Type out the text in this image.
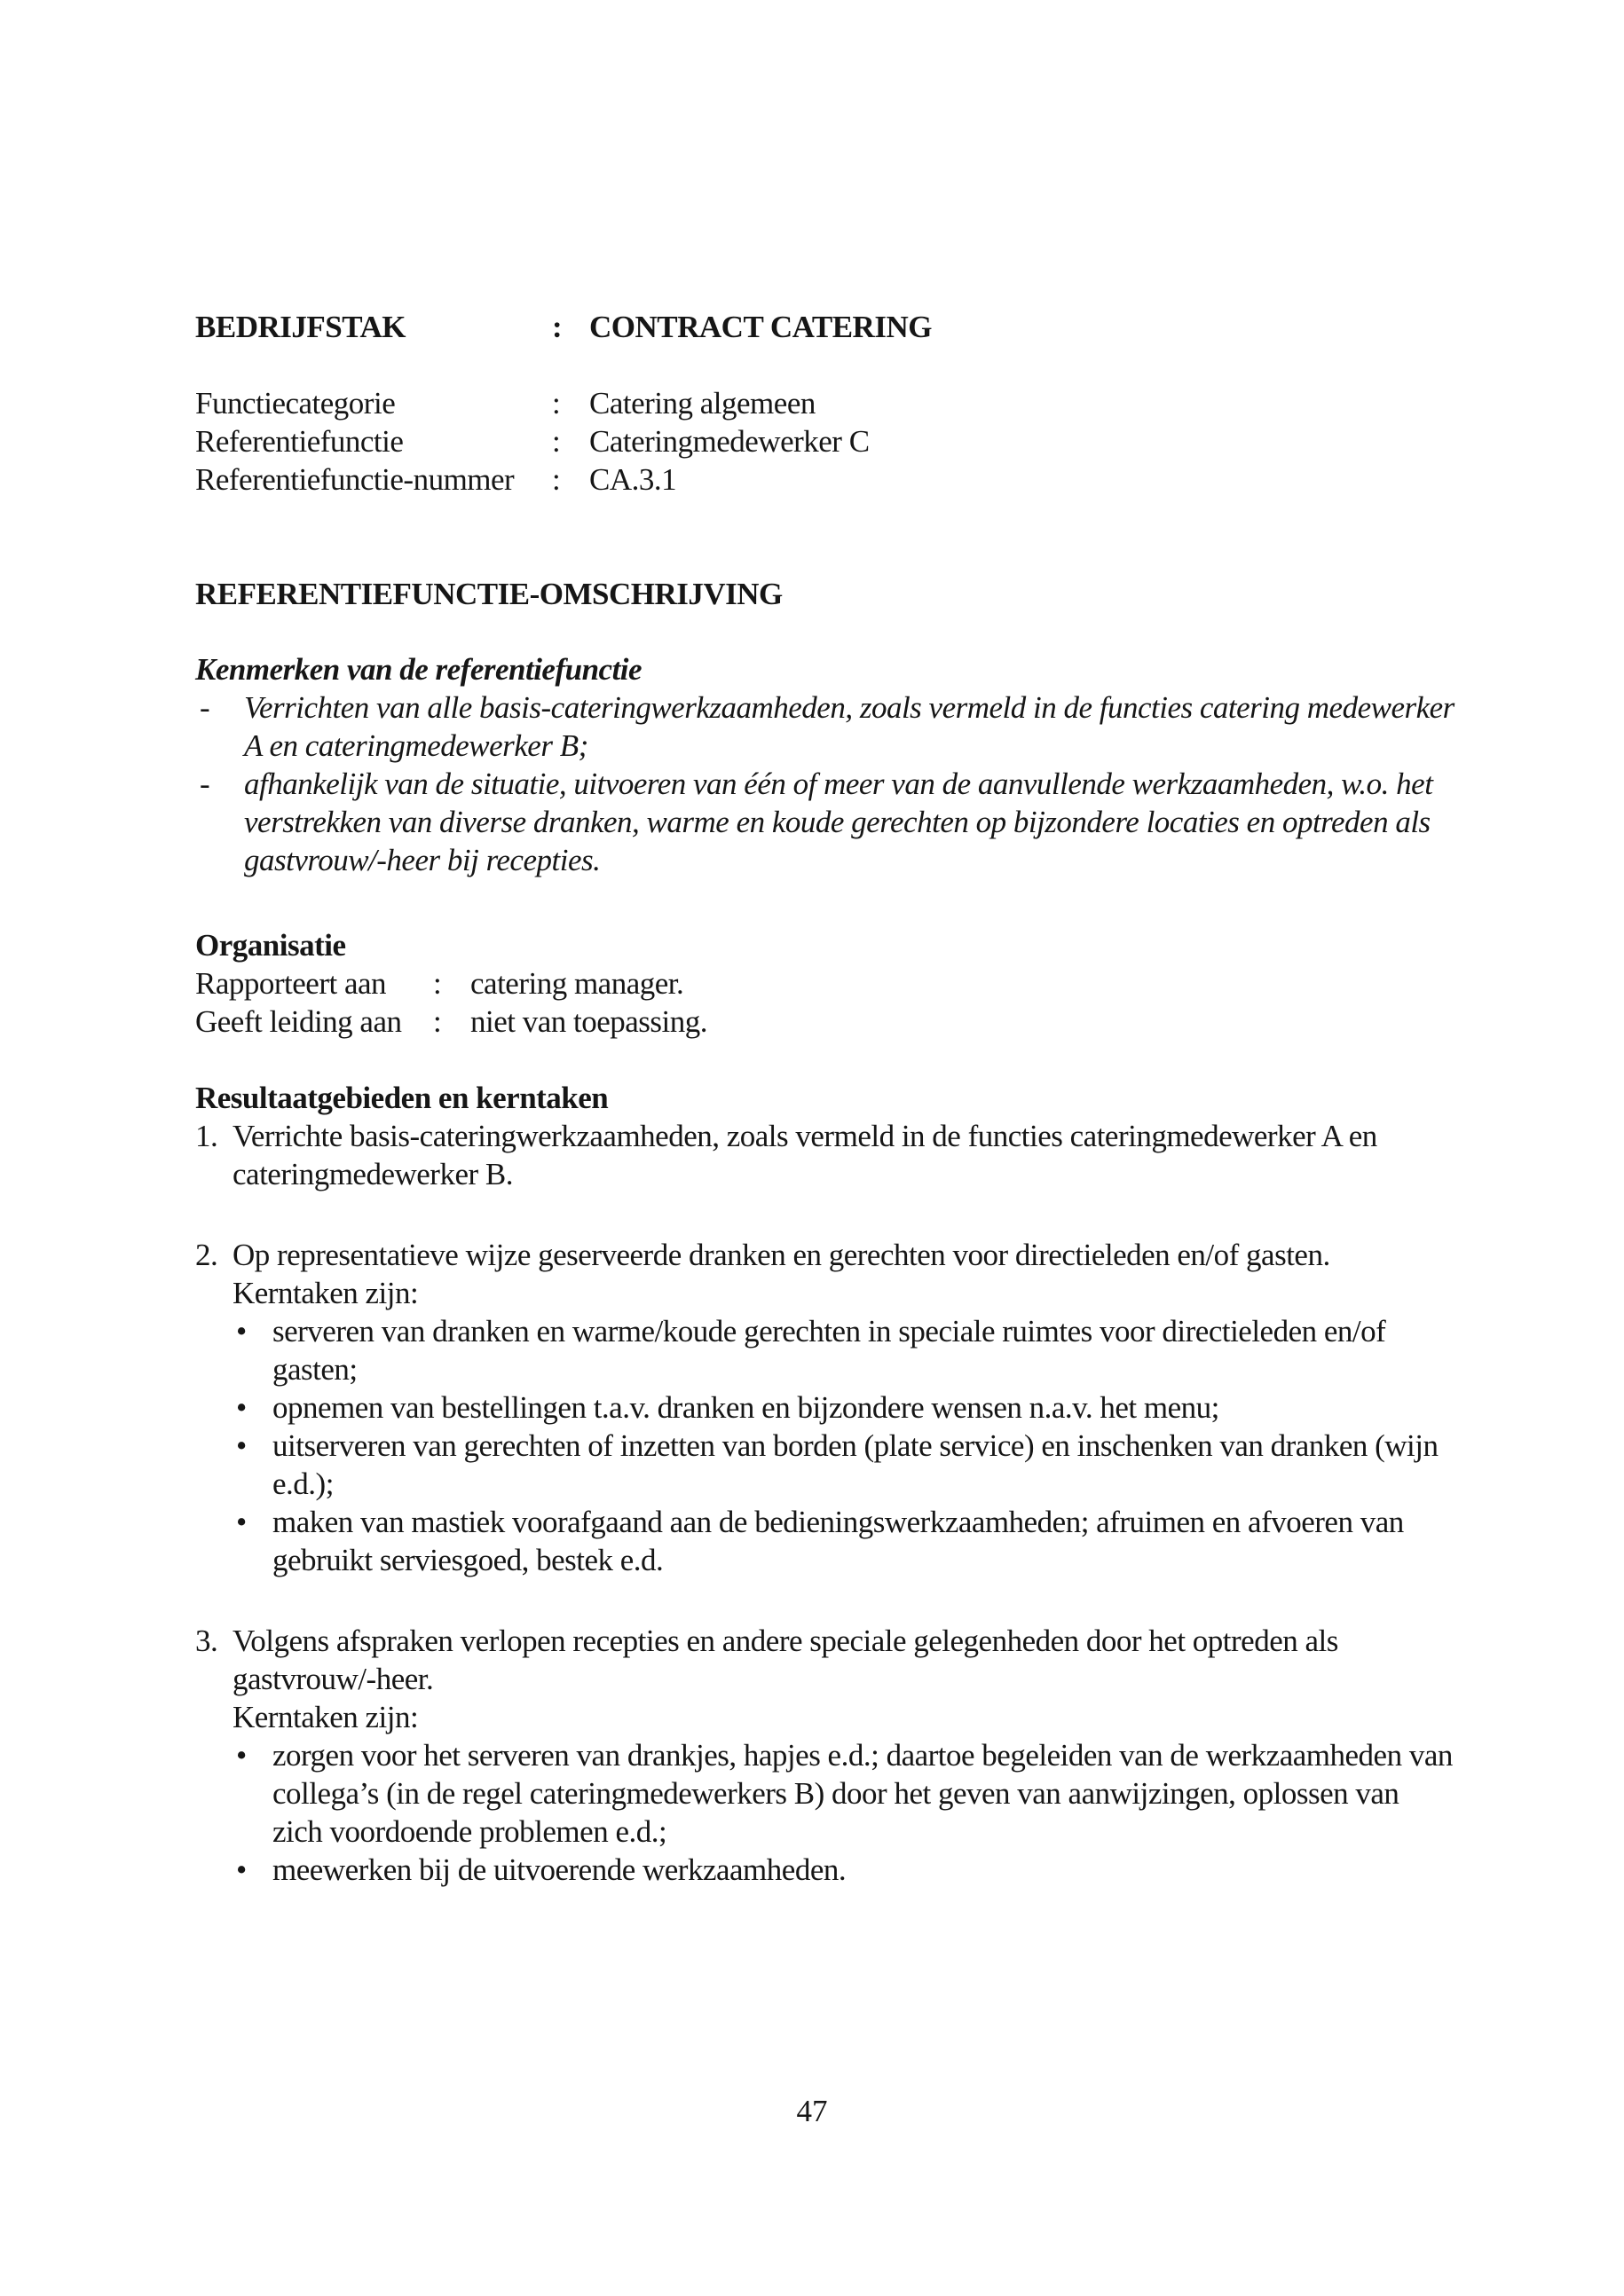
BEDRIJFSTAK	: CONTRACT CATERING
Functiecategorie	: Catering algemeen
Referentiefunctie	: Cateringmedewerker C
Referentiefunctie-nummer	: CA.3.1
REFERENTIEFUNCTIE-OMSCHRIJVING
Kenmerken van de referentiefunctie
- Verrichten van alle basis-cateringwerkzaamheden, zoals vermeld in de functies catering medewerker A en cateringmedewerker B;
- afhankelijk van de situatie, uitvoeren van één of meer van de aanvullende werkzaamheden, w.o. het verstrekken van diverse dranken, warme en koude gerechten op bijzondere locaties en optreden als gastvrouw/-heer bij recepties.
Organisatie
Rapporteert aan	: catering manager.
Geeft leiding aan	: niet van toepassing.
Resultaatgebieden en kerntaken
1. Verrichte basis-cateringwerkzaamheden, zoals vermeld in de functies cateringmedewerker A en cateringmedewerker B.
2. Op representatieve wijze geserveerde dranken en gerechten voor directieleden en/of gasten.
Kerntaken zijn:
• serveren van dranken en warme/koude gerechten in speciale ruimtes voor directieleden en/of gasten;
• opnemen van bestellingen t.a.v. dranken en bijzondere wensen n.a.v. het menu;
• uitserveren van gerechten of inzetten van borden (plate service) en inschenken van dranken (wijn e.d.);
• maken van mastiek voorafgaand aan de bedieningswerkzaamheden; afruimen en afvoeren van gebruikt serviesgoed, bestek e.d.
3. Volgens afspraken verlopen recepties en andere speciale gelegenheden door het optreden als gastvrouw/-heer.
Kerntaken zijn:
• zorgen voor het serveren van drankjes, hapjes e.d.; daartoe begeleiden van de werkzaamheden van collega’s (in de regel cateringmedewerkers B) door het geven van aanwijzingen, oplossen van zich voordoende problemen e.d.;
• meewerken bij de uitvoerende werkzaamheden.
47
